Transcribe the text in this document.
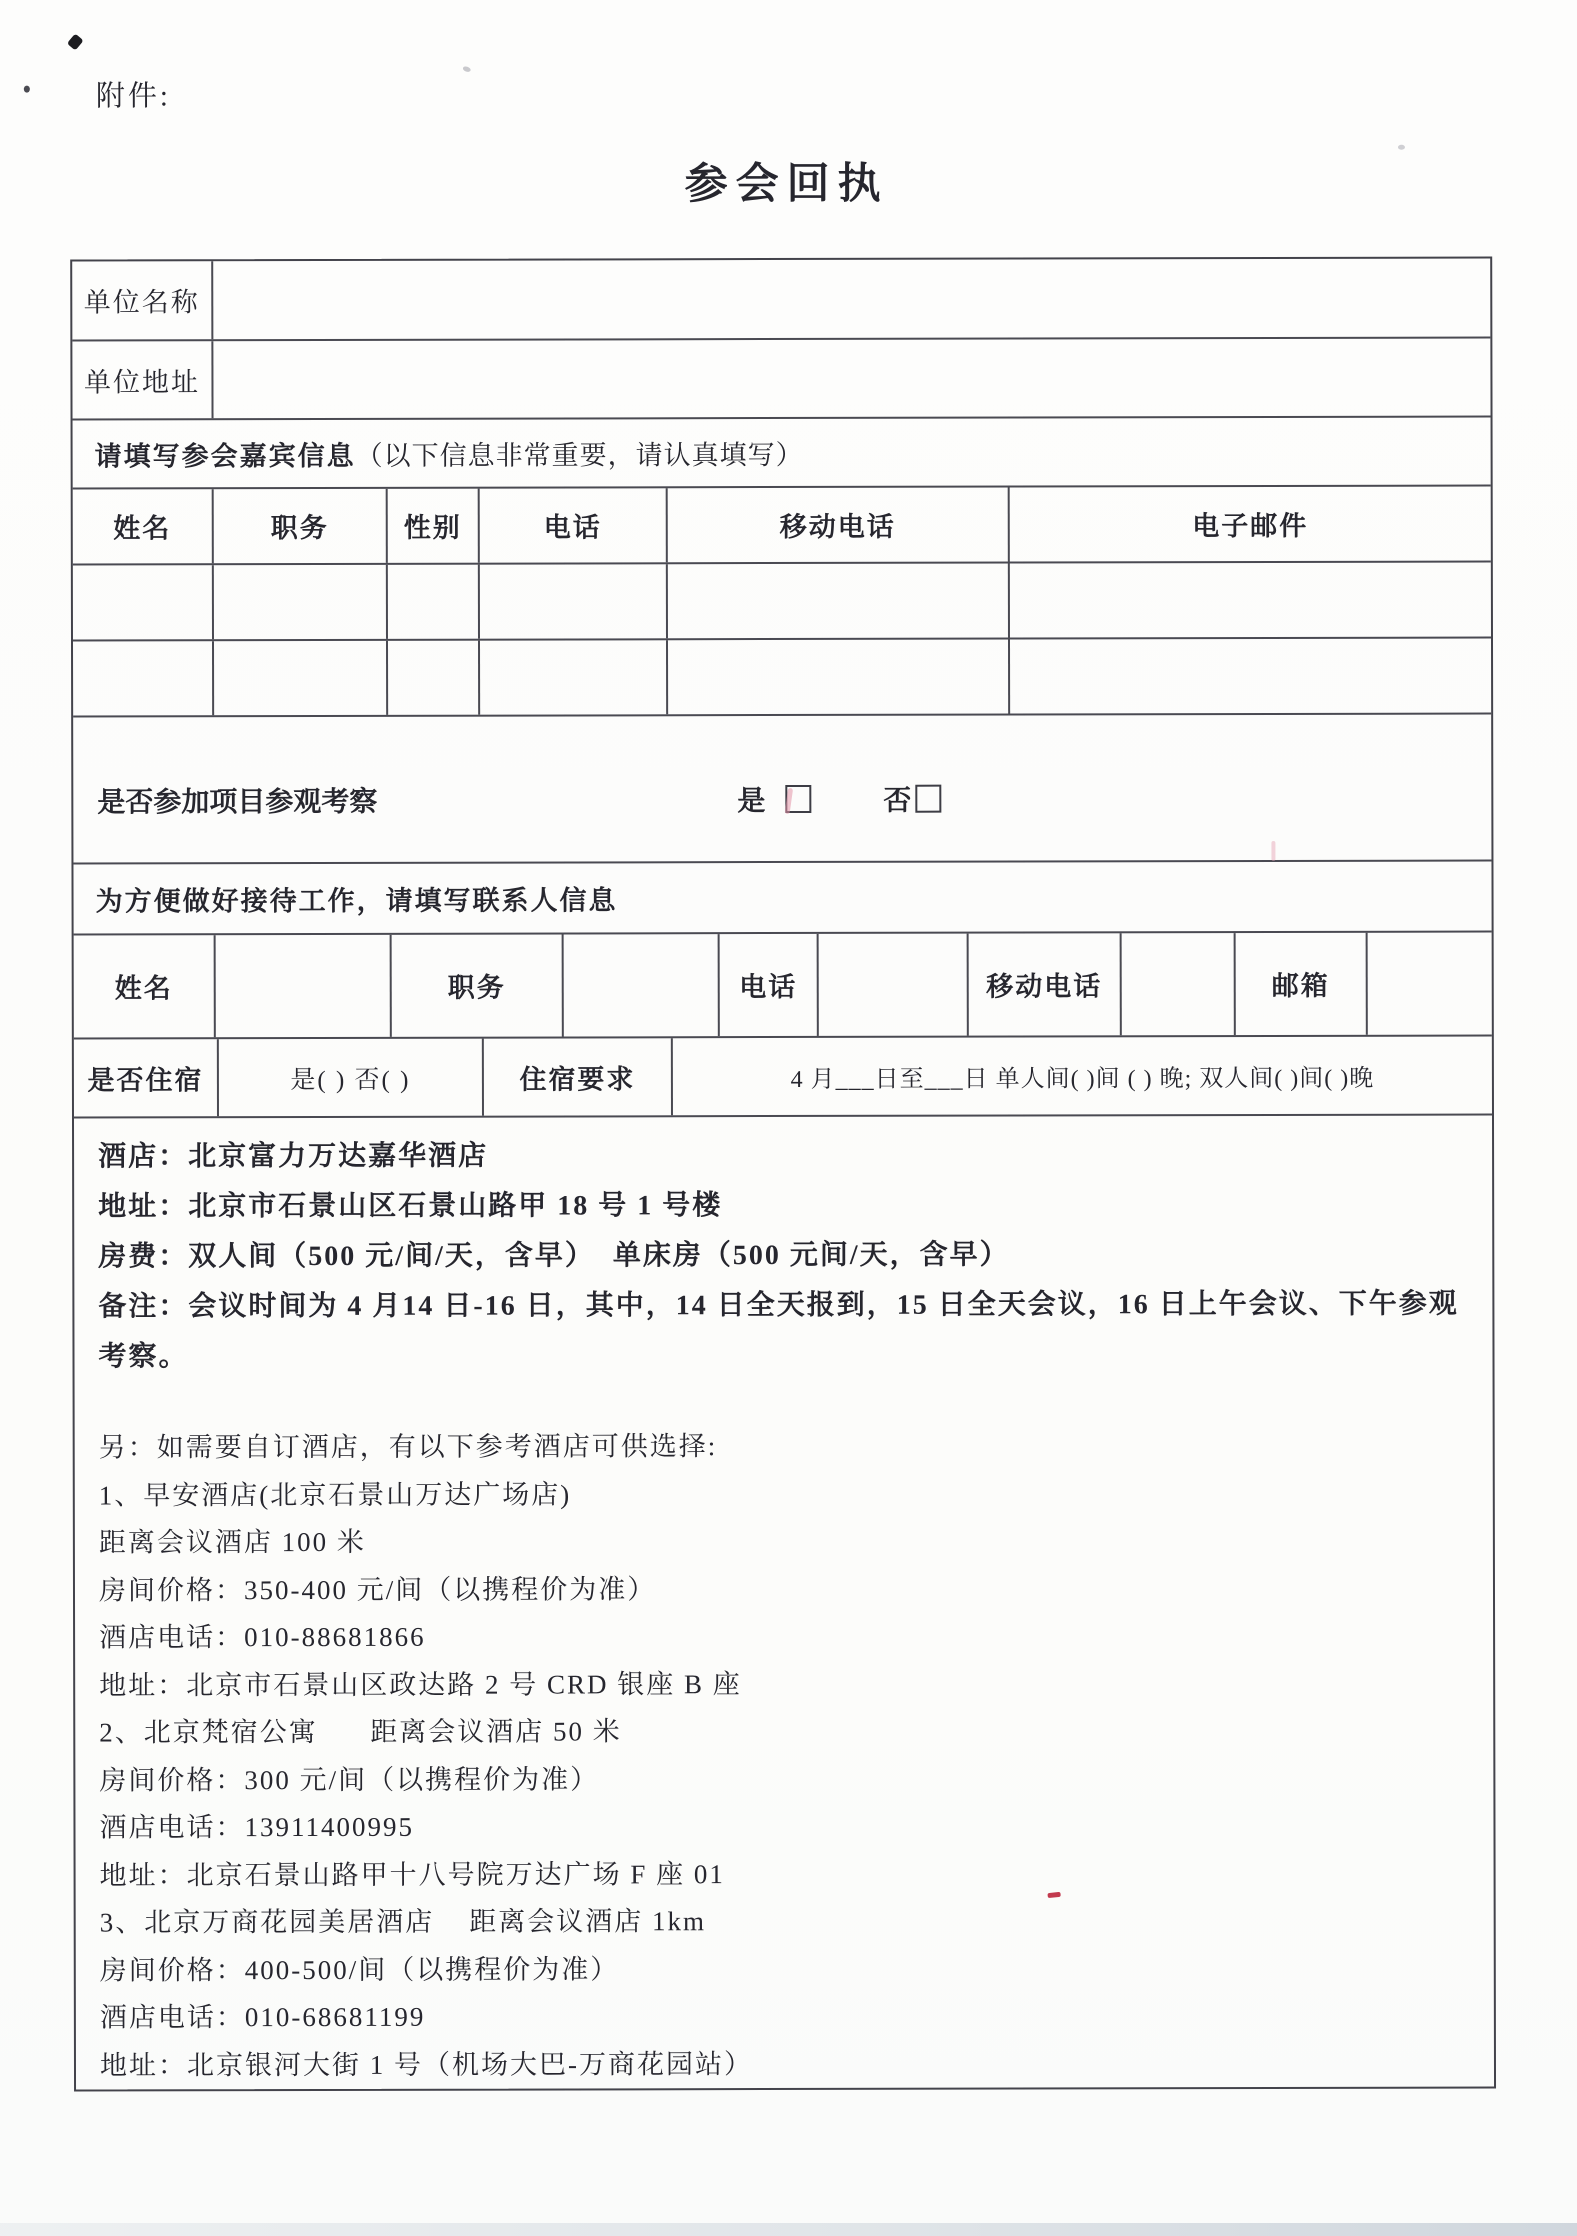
附件:
参会回执
单位名称
单位地址
请填写参会嘉宾信息 （以下信息非常重要，请认真填写）
姓名	职务	性别	电话	移动电话	电子邮件
是否参加项目参观考察	是	否
为方便做好接待工作，请填写联系人信息
姓名	职务	电话	移动电话	邮箱
是否住宿	是( ) 否( )	住宿要求	4 月___日至___日 单人间( )间 ( ) 晚; 双人间( )间( )晚
酒店：北京富力万达嘉华酒店
地址：北京市石景山区石景山路甲 18 号 1 号楼
房费：双人间（500 元/间/天，含早）  单床房（500 元间/天，含早）
备注：会议时间为 4 月14 日-16 日，其中，14 日全天报到，15 日全天会议，16 日上午会议、下午参观考察。
另：如需要自订酒店，有以下参考酒店可供选择:
1、早安酒店(北京石景山万达广场店)
距离会议酒店 100 米
房间价格：350-400 元/间（以携程价为准）
酒店电话：010-88681866
地址：北京市石景山区政达路 2 号 CRD 银座 B 座
2、北京梵宿公寓      距离会议酒店 50 米
房间价格：300 元/间（以携程价为准）
酒店电话：13911400995
地址：北京石景山路甲十八号院万达广场 F 座 01
3、北京万商花园美居酒店    距离会议酒店 1km
房间价格：400-500/间（以携程价为准）
酒店电话：010-68681199
地址：北京银河大街 1 号（机场大巴-万商花园站）
